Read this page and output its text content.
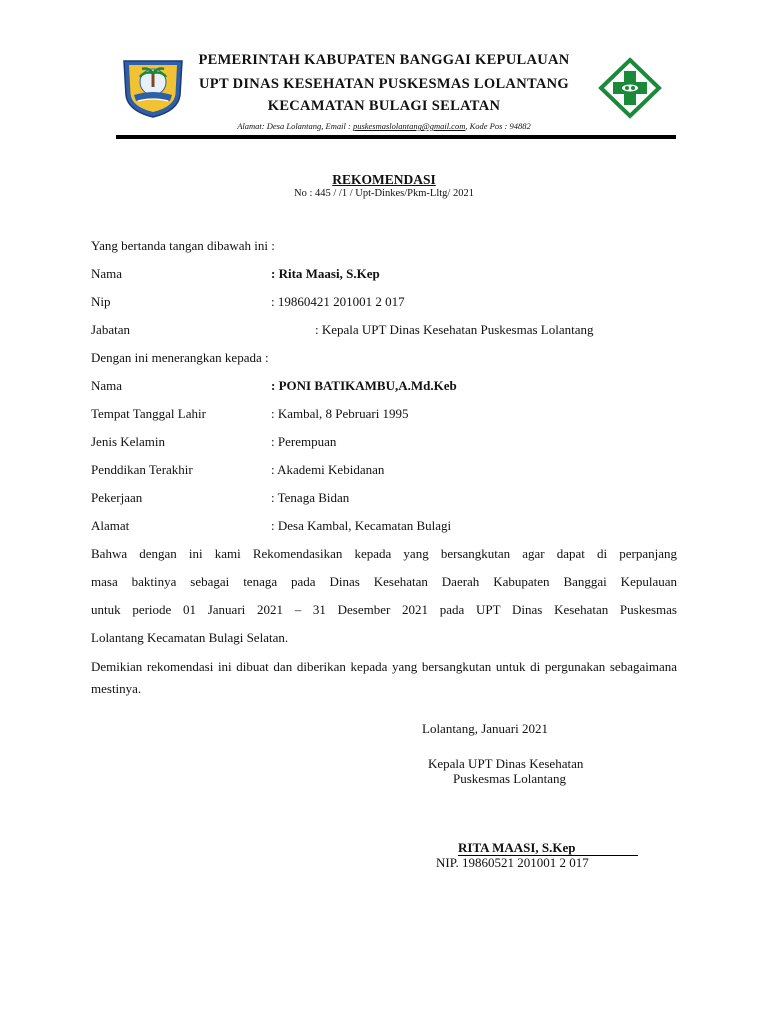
PEMERINTAH KABUPATEN BANGGAI KEPULAUAN
UPT DINAS KESEHATAN PUSKESMAS LOLANTANG
KECAMATAN BULAGI SELATAN
Alamat: Desa Lolantang, Email : puskesmaslolantang@gmail.com, Kode Pos : 94882
REKOMENDASI
No : 445 / /1 / Upt-Dinkes/Pkm-Lltg/ 2021
Yang bertanda tangan dibawah ini :
Nama	: Rita Maasi, S.Kep
Nip	: 19860421 201001 2 017
Jabatan	: Kepala UPT Dinas Kesehatan Puskesmas Lolantang
Dengan ini menerangkan kepada :
Nama	: PONI BATIKAMBU,A.Md.Keb
Tempat Tanggal Lahir	: Kambal, 8 Pebruari 1995
Jenis Kelamin	: Perempuan
Penddikan Terakhir	: Akademi Kebidanan
Pekerjaan	: Tenaga Bidan
Alamat	: Desa Kambal, Kecamatan Bulagi
Bahwa dengan ini kami Rekomendasikan kepada yang bersangkutan agar dapat di perpanjang
masa baktinya sebagai tenaga pada Dinas Kesehatan Daerah Kabupaten Banggai Kepulauan
untuk periode 01 Januari 2021 – 31 Desember 2021 pada UPT Dinas Kesehatan Puskesmas
Lolantang Kecamatan Bulagi Selatan.
Demikian rekomendasi ini dibuat dan diberikan kepada yang bersangkutan untuk di pergunakan sebagaimana mestinya.
Lolantang, Januari 2021
Kepala UPT Dinas Kesehatan
Puskesmas Lolantang
RITA MAASI, S.Kep
NIP. 19860521 201001 2 017
